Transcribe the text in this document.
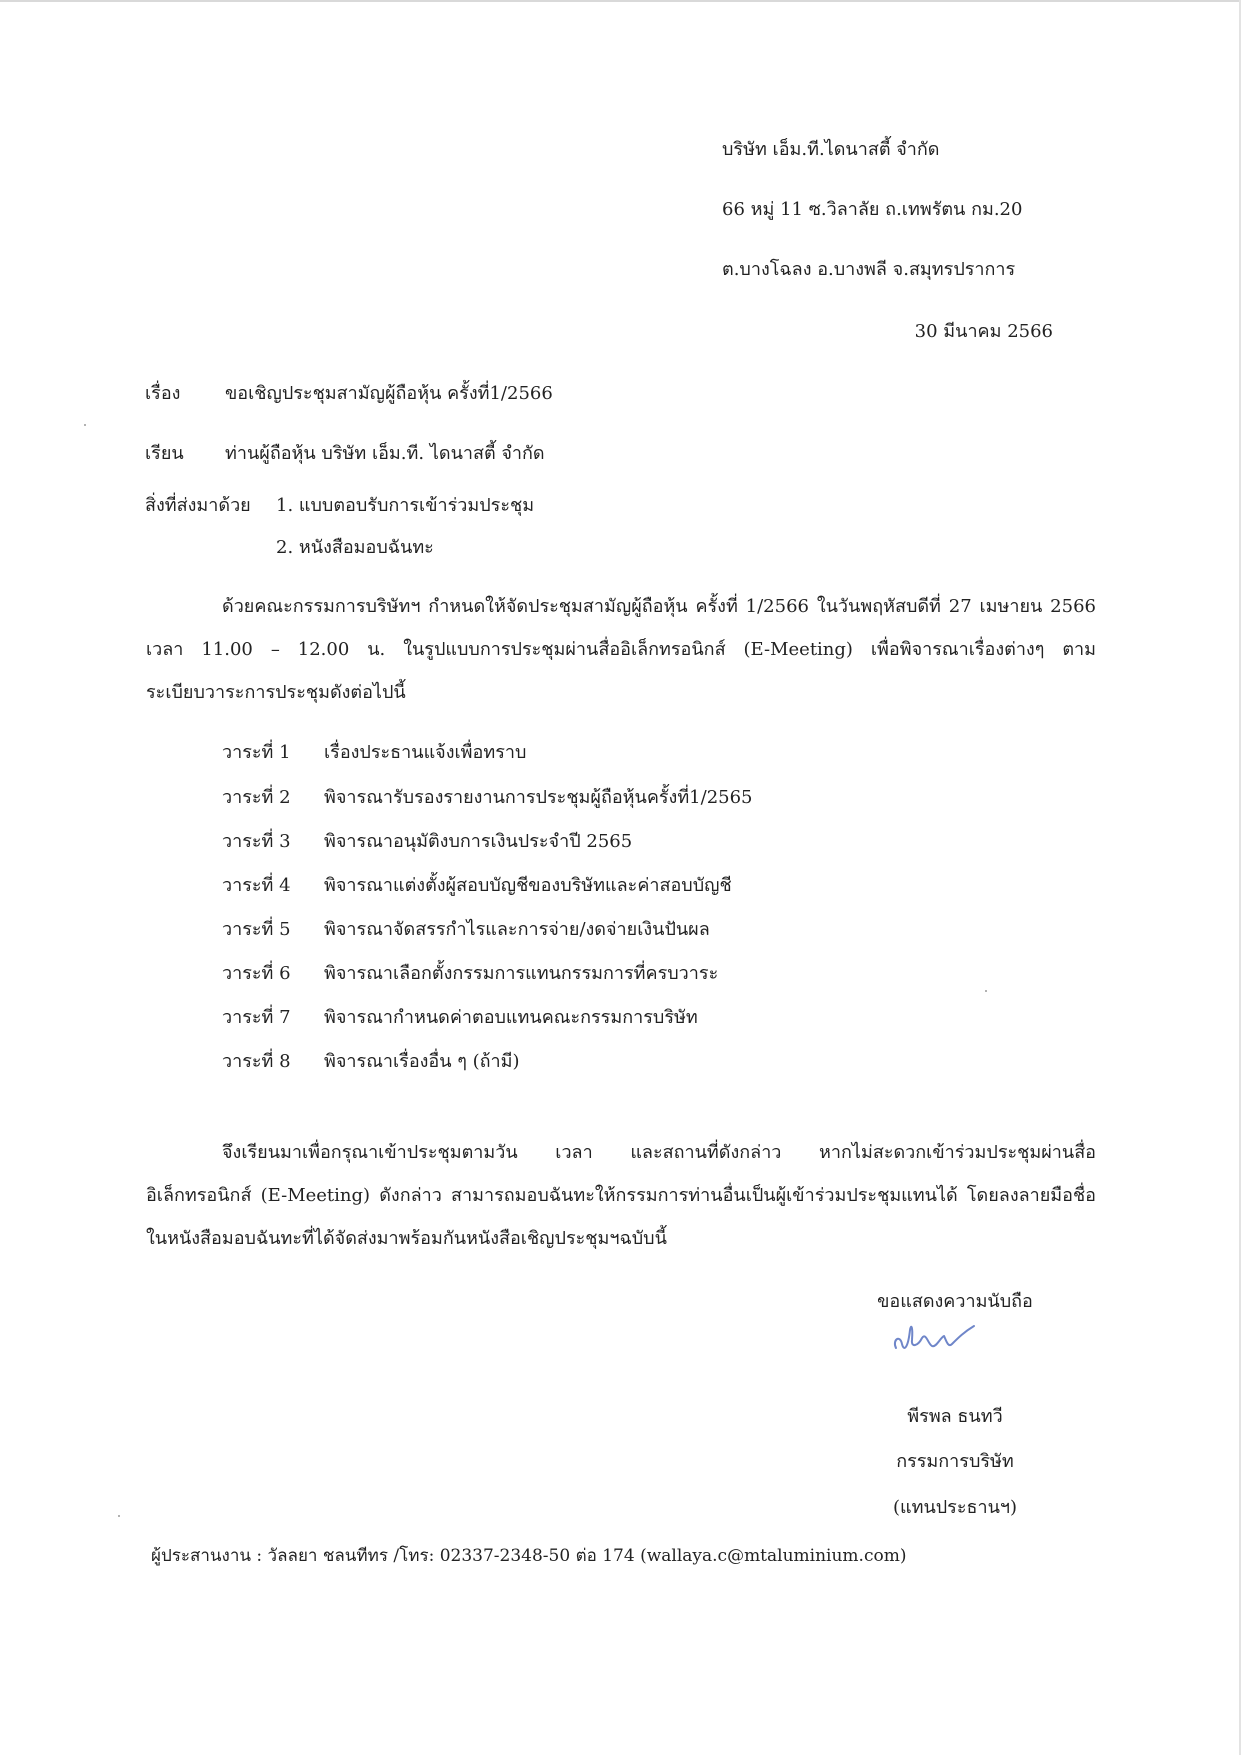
บริษัท เอ็ม.ที.ไดนาสตี้ จำกัด
66 หมู่ 11 ซ.วิลาลัย ถ.เทพรัตน กม.20
ต.บางโฉลง อ.บางพลี จ.สมุทรปราการ
30 มีนาคม 2566
เรื่อง ขอเชิญประชุมสามัญผู้ถือหุ้น ครั้งที่1/2566
เรียน ท่านผู้ถือหุ้น บริษัท เอ็ม.ที. ไดนาสตี้ จำกัด
สิ่งที่ส่งมาด้วย 1. แบบตอบรับการเข้าร่วมประชุม
2. หนังสือมอบฉันทะ

ด้วยคณะกรรมการบริษัทฯ กำหนดให้จัดประชุมสามัญผู้ถือหุ้น ครั้งที่ 1/2566 ในวันพฤหัสบดีที่ 27 เมษายน 2566 เวลา 11.00 – 12.00 น. ในรูปแบบการประชุมผ่านสื่ออิเล็กทรอนิกส์ (E-Meeting) เพื่อพิจารณาเรื่องต่างๆ ตามระเบียบวาระการประชุมดังต่อไปนี้

วาระที่ 1 เรื่องประธานแจ้งเพื่อทราบ
วาระที่ 2 พิจารณารับรองรายงานการประชุมผู้ถือหุ้นครั้งที่1/2565
วาระที่ 3 พิจารณาอนุมัติงบการเงินประจำปี 2565
วาระที่ 4 พิจารณาแต่งตั้งผู้สอบบัญชีของบริษัทและค่าสอบบัญชี
วาระที่ 5 พิจารณาจัดสรรกำไรและการจ่าย/งดจ่ายเงินปันผล
วาระที่ 6 พิจารณาเลือกตั้งกรรมการแทนกรรมการที่ครบวาระ
วาระที่ 7 พิจารณากำหนดค่าตอบแทนคณะกรรมการบริษัท
วาระที่ 8 พิจารณาเรื่องอื่น ๆ (ถ้ามี)

จึงเรียนมาเพื่อกรุณาเข้าประชุมตามวัน เวลา และสถานที่ดังกล่าว หากไม่สะดวกเข้าร่วมประชุมผ่านสื่ออิเล็กทรอนิกส์ (E-Meeting) ดังกล่าว สามารถมอบฉันทะให้กรรมการท่านอื่นเป็นผู้เข้าร่วมประชุมแทนได้ โดยลงลายมือชื่อในหนังสือมอบฉันทะที่ได้จัดส่งมาพร้อมกันหนังสือเชิญประชุมฯฉบับนี้

ขอแสดงความนับถือ
พีรพล ธนทวี
กรรมการบริษัท
(แทนประธานฯ)
ผู้ประสานงาน : วัลลยา ชลนทีทร /โทร: 02337-2348-50 ต่อ 174 (wallaya.c@mtaluminium.com)
